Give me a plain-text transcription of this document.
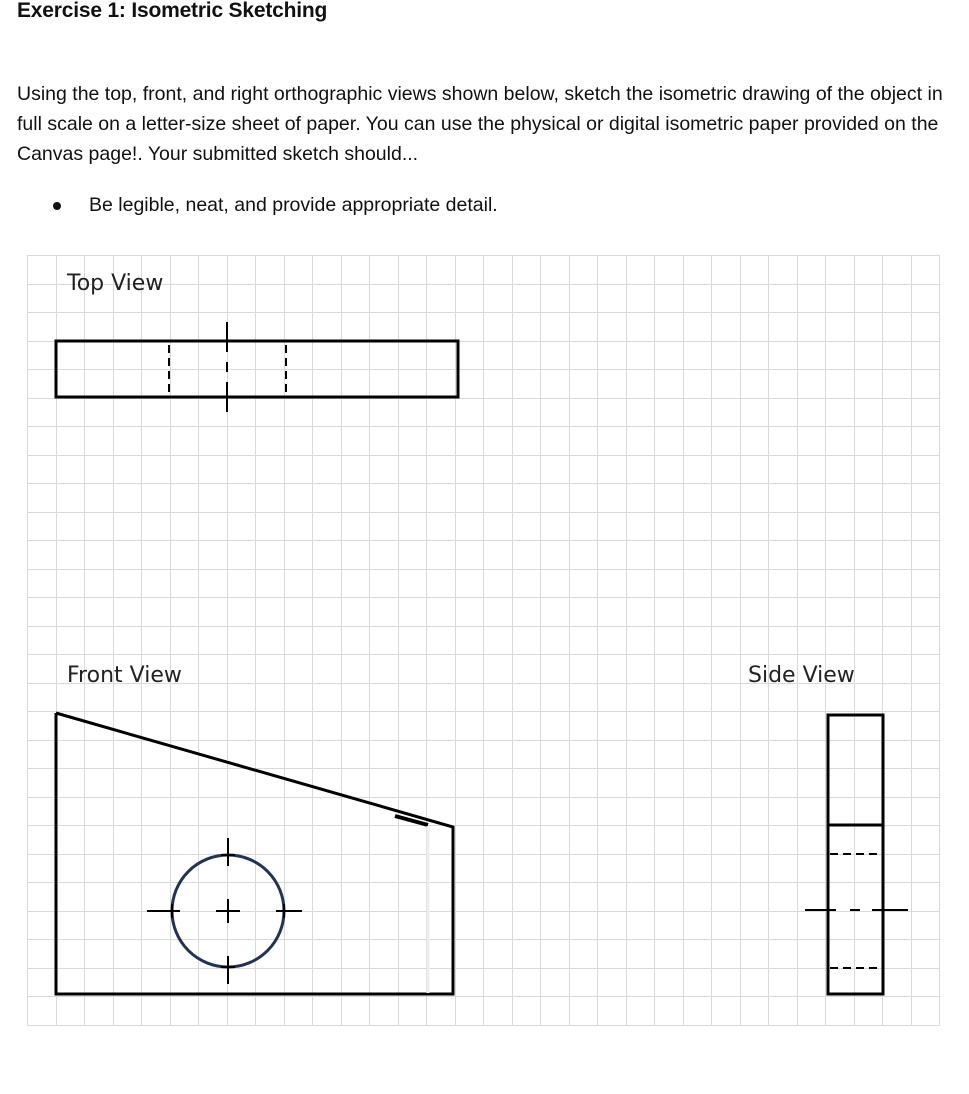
Exercise 1: Isometric Sketching

Using the top, front, and right orthographic views shown below, sketch the isometric drawing of the object in full scale on a letter-size sheet of paper. You can use the physical or digital isometric paper provided on the Canvas page!. Your submitted sketch should...

Be legible, neat, and provide appropriate detail.
Top View
Front View	Side View
